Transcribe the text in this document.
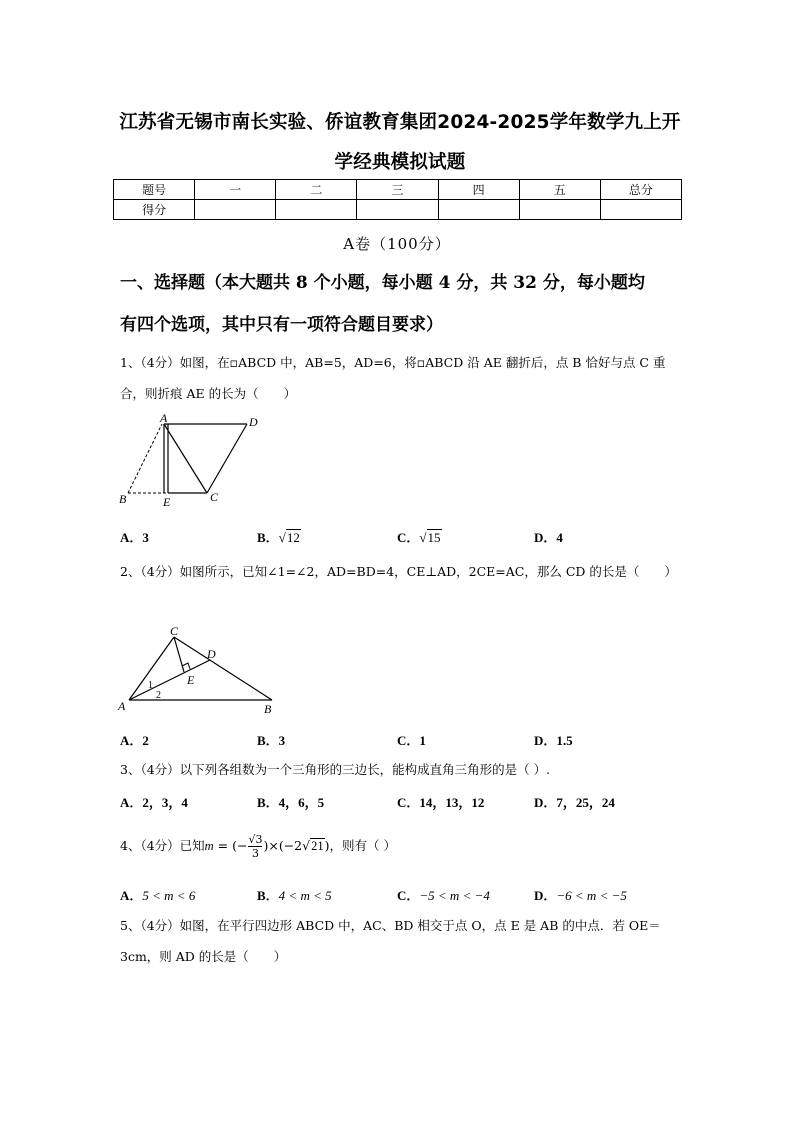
江苏省无锡市南长实验、侨谊教育集团2024-2025学年数学九上开
学经典模拟试题
题号	一	二	三	四	五	总分
得分						
A卷（100分）
一、选择题（本大题共 8 个小题，每小题 4 分，共 32 分，每小题均
有四个选项，其中只有一项符合题目要求）
1、（4分）如图，在▫ABCD 中，AB=5，AD=6，将▫ABCD 沿 AE 翻折后，点 B 恰好与点 C 重合，则折痕 AE 的长为（　　）
A	D
B	E	C
A．3	B．√12	C．√15	D．4
2、（4分）如图所示，已知∠1=∠2，AD=BD=4，CE⊥AD，2CE=AC，那么 CD 的长是（　　）
C
D
E
A	B
1
2
A．2	B．3	C．1	D．1.5
3、（4分）以下列各组数为一个三角形的三边长，能构成直角三角形的是（ ）.
A．2，3，4	B．4，6，5	C．14，13，12	D．7，25，24
4、（4分）已知m = (− $\frac{√3}{3} )\times(-2√21)$，则有（ ）
A．5 < m < 6	B．4 < m < 5	C．−5 < m < −4	D．−6 < m < −5
5、（4分）如图，在平行四边形 ABCD 中，AC、BD 相交于点 O，点 E 是 AB 的中点．若 OE＝3cm，则 AD 的长是（　　）
